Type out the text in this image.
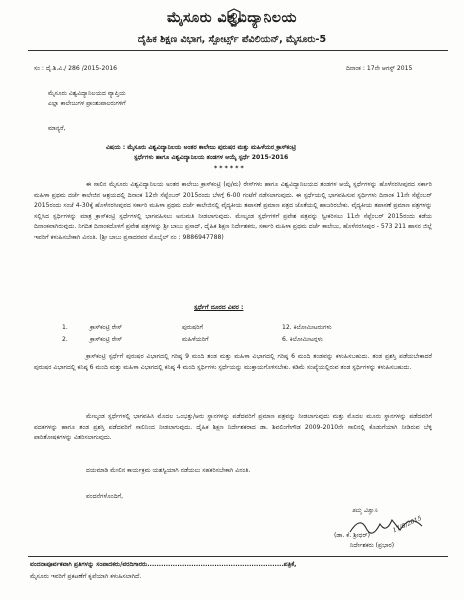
ಮೈಸೂರು ವಿಶ್ವವಿದ್ಯಾನಿಲಯ
ದೈಹಿಕ ಶಿಕ್ಷಣ ವಿಭಾಗ, ಸ್ಪೋರ್ಟ್ಸ್ ಪೆವಿಲಿಯನ್, ಮೈಸೂರು-5
ಸಂ : ದೈ.ಶಿ.ವಿ./ 286 /2015-2016	ದಿನಾಂಕ : 17ನೇ ಆಗಸ್ಟ್ 2015
ಮೈಸೂರು ವಿಶ್ವವಿದ್ಯಾನಿಲಯದ ವ್ಯಾಪ್ತಿಯ
ಎಲ್ಲಾ ಕಾಲೇಜುಗಳ ಪ್ರಾಂಶುಪಾಲರುಗಳಿಗೆ
ಮಾನ್ಯರೆ,
ವಿಷಯ : ಮೈಸೂರು ವಿಶ್ವವಿದ್ಯಾನಿಲಯ ಅಂತರ ಕಾಲೇಜು ಪುರುಷರ ಮತ್ತು ಮಹಿಳೆಯರ ಕ್ರಾಸ್‍ಕಂಟ್ರಿ
ಸ್ಪರ್ಧೆಗಳು ಹಾಗೂ ವಿಶ್ವವಿದ್ಯಾನಿಲಯ ತಂಡಗಳ ಆಯ್ಕೆ ಸ್ಪರ್ಧೆ 2015-2016
* * * * * *
ಈ ಸಾಲಿನ ಮೈಸೂರು ವಿಶ್ವವಿದ್ಯಾನಿಲಯ ಅಂತರ ಕಾಲೇಜು ಕ್ರಾಸ್‍ಕಂಟ್ರಿ (ಪು/ಮ) ರೇಸ್‍ಗಳು ಹಾಗೂ ವಿಶ್ವವಿದ್ಯಾನಿಲಯದ ತಂಡಗಳ ಆಯ್ಕೆ ಸ್ಪರ್ಧೆಗಳನ್ನು ಹೊಳೆನರಸೀಪುರದ ಸರ್ಕಾರಿ ಮಹಿಳಾ ಪ್ರಥಮ ದರ್ಜೆ ಕಾಲೇಜಿನ ಆಶ್ರಯದಲ್ಲಿ ದಿನಾಂಕ 12ನೇ ಸೆಪ್ಟೆಂಬರ್ 2015ರಂದು ಬೆಳಗ್ಗೆ 6-00 ಗಂಟೆಗೆ ನಡೆಸಲಾಗುವುದು. ಈ ಸ್ಪರ್ಧೆಯಲ್ಲಿ ಭಾಗವಹಿಸುವ ಸ್ಪರ್ಧಿಗಳು ದಿನಾಂಕ 11ನೇ ಸೆಪ್ಟೆಂಬರ್ 2015ರಂದು ಸಂಜೆ 4-30ಕ್ಕೆ ಹೊಳೆನರಸೀಪುರದ ಸರ್ಕಾರಿ ಮಹಿಳಾ ಪ್ರಥಮ ದರ್ಜೆ ಕಾಲೇಜಿನಲ್ಲಿ ವೈದ್ಯಕೀಯ ತಪಾಸಣೆ ಪ್ರಮಾಣ ಪತ್ರದ ಜೊತೆಯಲ್ಲಿ ಹಾಜರಿರಬೇಕು. ವೈದ್ಯಕೀಯ ತಪಾಸಣೆ ಪ್ರಮಾಣ ಪತ್ರಗಳನ್ನು ಸಲ್ಲಿಸಿದ ಸ್ಪರ್ಧಿಗಳನ್ನು ಮಾತ್ರ ಕ್ರಾಸ್‍ಕಂಟ್ರಿ ಸ್ಪರ್ಧೆಗಳಲ್ಲಿ ಭಾಗವಹಿಸಲು ಅನುಮತಿ ನೀಡಲಾಗುವುದು. ಮೇಲ್ಕಂಡ ಸ್ಪರ್ಧೆಗಳಿಗೆ ಪ್ರವೇಶ ಪತ್ರವನ್ನು ಸ್ವೀಕರಿಸಲು 11ನೇ ಸೆಪ್ಟೆಂಬರ್ 2015ರಂದು ಕಡೆಯ ದಿನಾಂಕವಾಗಿರುವುದು. ನಿಗದಿತ ದಿನಾಂಕದೊಳಗೆ ಪ್ರವೇಶ ಪತ್ರಗಳನ್ನು ಶ್ರೀ ಬಾಬು ಪ್ರಸಾದ್, ದೈಹಿಕ ಶಿಕ್ಷಣ ನಿರ್ದೇಶಕರು, ಸರ್ಕಾರಿ ಮಹಿಳಾ ಪ್ರಥಮ ದರ್ಜೆ ಕಾಲೇಜು, ಹೊಳೆನರಸೀಪುರ - 573 211 ಹಾಸನ ಜಿಲ್ಲೆ ಇವರಿಗೆ ಕಳುಹಿಸಬೇಕಾಗಿ ವಿನಂತಿ. (ಶ್ರೀ ಬಾಬು ಪ್ರಸಾದರವರ ಮೊಬೈಲ್ ನಂ : 9886947788)
ಸ್ಪರ್ಧೆಗೆ ದೂರದ ವಿವರ :
1.	ಕ್ರಾಸ್‍ಕಂಟ್ರಿ ರೇಸ್	ಪುರುಷರಿಗೆ	12. ಕಿಲೋಮೀಟರುಗಳು
2.	ಕ್ರಾಸ್‍ಕಂಟ್ರಿ ರೇಸ್	ಮಹಿಳೆಯರಿಗೆ	6. ಕಿಲೋಮೀಟರ್‍ಗಳು
ಕ್ರಾಸ್‍ಕಂಟ್ರಿ ಸ್ಪರ್ಧೆಗೆ ಪುರುಷರ ವಿಭಾಗದಲ್ಲಿ ಗರಿಷ್ಠ 9 ಮಂದಿ ತಂಡ ಮತ್ತು ಮಹಿಳಾ ವಿಭಾಗದಲ್ಲಿ ಗರಿಷ್ಠ 6 ಮಂದಿ ತಂಡವನ್ನು ಕಳುಹಿಸಬಹುದು. ತಂಡ ಪ್ರಶಸ್ತಿ ಪಡೆಯಬೇಕಾದರೆ ಪುರುಷರ ವಿಭಾಗದಲ್ಲಿ ಕನಿಷ್ಠ 6 ಮಂದಿ ಮತ್ತು ಮಹಿಳಾ ವಿಭಾಗದಲ್ಲಿ ಕನಿಷ್ಠ 4 ಮಂದಿ ಸ್ಪರ್ಧಿಗಳು ಸ್ಪರ್ಧೆಯನ್ನು ಮುಕ್ತಾಯಗೊಳಿಸಬೇಕು. ಕಡಿಮೆ ಸಂಖ್ಯೆಯಲ್ಲಿರುವ ತಂಡ ಸ್ಪರ್ಧಿಗಳನ್ನು ಕಳುಹಿಸಬಹುದು.
ಮೇಲ್ಕಂಡ ಸ್ಪರ್ಧೆಗಳಲ್ಲಿ ಭಾಗವಹಿಸಿ ಮೊದಲ ಒಂಭತ್ತು/ಆರು ಸ್ಥಾನಗಳನ್ನು ಪಡೆದವರಿಗೆ ಪ್ರಮಾಣ ಪತ್ರವನ್ನು ನೀಡಲಾಗುವುದು ಮತ್ತು ಮೊದಲ ಮೂರು ಸ್ಥಾನಗಳನ್ನು ಪಡೆದವರಿಗೆ ಪದಕಗಳನ್ನು ಹಾಗೂ ತಂಡ ಪ್ರಶಸ್ತಿ ಪಡೆದವರಿಗೆ ಸಾಲಿನಿಂದ ನೀಡಲಾಗುವುದು. ದೈಹಿಕ ಶಿಕ್ಷಣ ನಿರ್ದೇಶಕರಾದ ಡಾ. ಶಿವಲಿಂಗೇಗೌಡ 2009-2010ನೇ ಸಾಲಿನಲ್ಲಿ ಕೊಡುಗೆಯಾಗಿ ನೀಡಿರುವ ಬೆಳ್ಳಿ ಪಾರಿತೋಷಕಗಳನ್ನು ವಿತರಿಸಲಾಗುವುದು.
ದಯಮಾಡಿ ಮೇಲಿನ ಕಾರ್ಯಕ್ರಮ ಯಶಸ್ವಿಯಾಗಿ ನಡೆಯಲು ಸಹಕರಿಸಬೇಕಾಗಿ ವಿನಂತಿ.
ವಂದನೆಗಳೊಂದಿಗೆ,
ತಮ್ಮ ವಿಶ್ವಾಸಿ
17/8/2015
(ಡಾ. ಕೆ. ಶ್ರೀಧರ್)
ನಿರ್ದೇಶಕರು (ಪ್ರಭಾರ)
ವಂದನಾಪೂರ್ವಕವಾಗಿ ಪ್ರತಿಗಳನ್ನು ಸಂಪಾದಕರು/ವರದಿಗಾರರು...........................................................ಪತ್ರಿಕೆ,
ಮೈಸೂರು ಇವರಿಗೆ ಪ್ರಕಟಣೆಗೆ ಕೃಪೆಯಾಗಿ ಕಳುಹಿಸಲಾಗಿದೆ.
